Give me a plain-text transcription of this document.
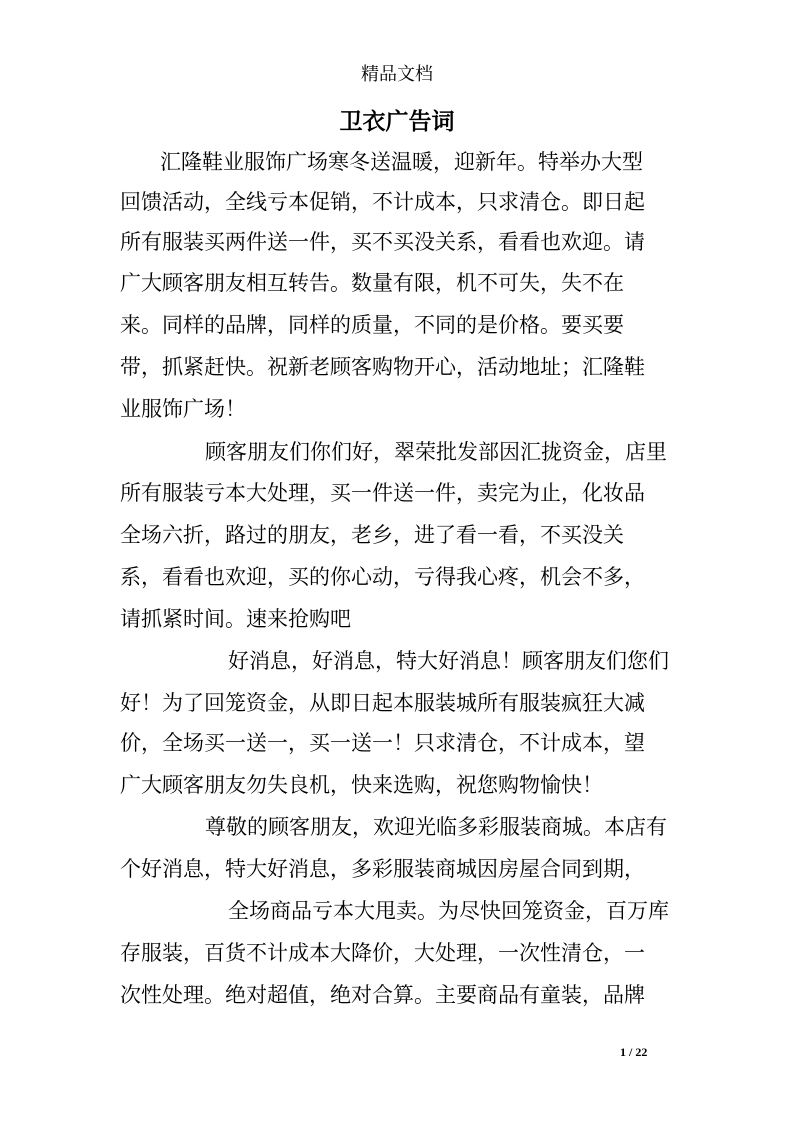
精品文档
卫衣广告词
汇隆鞋业服饰广场寒冬送温暖，迎新年。特举办大型
回馈活动，全线亏本促销，不计成本，只求清仓。即日起
所有服装买两件送一件，买不买没关系，看看也欢迎。请
广大顾客朋友相互转告。数量有限，机不可失，失不在
来。同样的品牌，同样的质量，不同的是价格。要买要
带，抓紧赶快。祝新老顾客购物开心，活动地址；汇隆鞋
业服饰广场！
顾客朋友们你们好，翠荣批发部因汇拢资金，店里
所有服装亏本大处理，买一件送一件，卖完为止，化妆品
全场六折，路过的朋友，老乡，进了看一看，不买没关
系，看看也欢迎，买的你心动，亏得我心疼，机会不多，
请抓紧时间。速来抢购吧
好消息，好消息，特大好消息！顾客朋友们您们
好！为了回笼资金，从即日起本服装城所有服装疯狂大减
价，全场买一送一，买一送一！只求清仓，不计成本，望
广大顾客朋友勿失良机，快来选购，祝您购物愉快！
尊敬的顾客朋友，欢迎光临多彩服装商城。本店有
个好消息，特大好消息，多彩服装商城因房屋合同到期，
全场商品亏本大甩卖。为尽快回笼资金，百万库
存服装，百货不计成本大降价，大处理，一次性清仓，一
次性处理。绝对超值，绝对合算。主要商品有童装，品牌
1 / 22
